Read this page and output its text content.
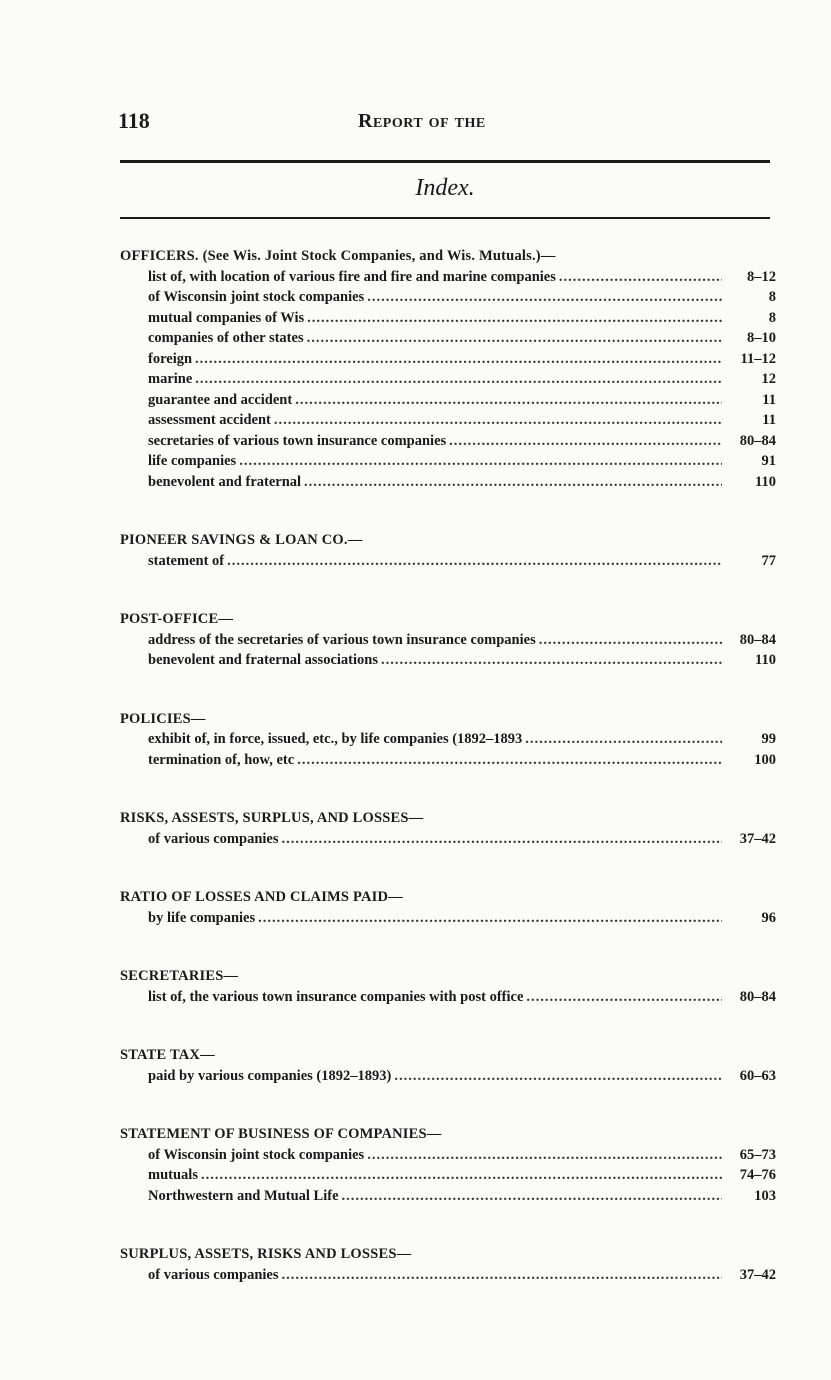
118	Report of the
Index.
OFFICERS. (See Wis. Joint Stock Companies, and Wis. Mutuals.)—
list of, with location of various fire and fire and marine companies .....	8–12
of Wisconsin joint stock companies .....	8
mutual companies of Wis .....	8
companies of other states .....	8–10
foreign .....	11–12
marine .....	12
guarantee and accident .....	11
assessment accident .....	11
secretaries of various town insurance companies .....	80–84
life companies .....	91
benevolent and fraternal .....	110
PIONEER SAVINGS & LOAN CO.—
statement of .....	77
POST-OFFICE—
address of the secretaries of various town insurance companies .....	80–84
benevolent and fraternal associations .....	110
POLICIES—
exhibit of, in force, issued, etc., by life companies (1892–1893 .....	99
termination of, how, etc .....	100
RISKS, ASSESTS, SURPLUS, AND LOSSES—
of various companies .....	37–42
RATIO OF LOSSES AND CLAIMS PAID—
by life companies .....	96
SECRETARIES—
list of, the various town insurance companies with post office .....	80–84
STATE TAX—
paid by various companies (1892–1893) .....	60–63
STATEMENT OF BUSINESS OF COMPANIES—
of Wisconsin joint stock companies .....	65–73
mutuals .....	74–76
Northwestern and Mutual Life .....	103
SURPLUS, ASSETS, RISKS AND LOSSES—
of various companies .....	37–42
